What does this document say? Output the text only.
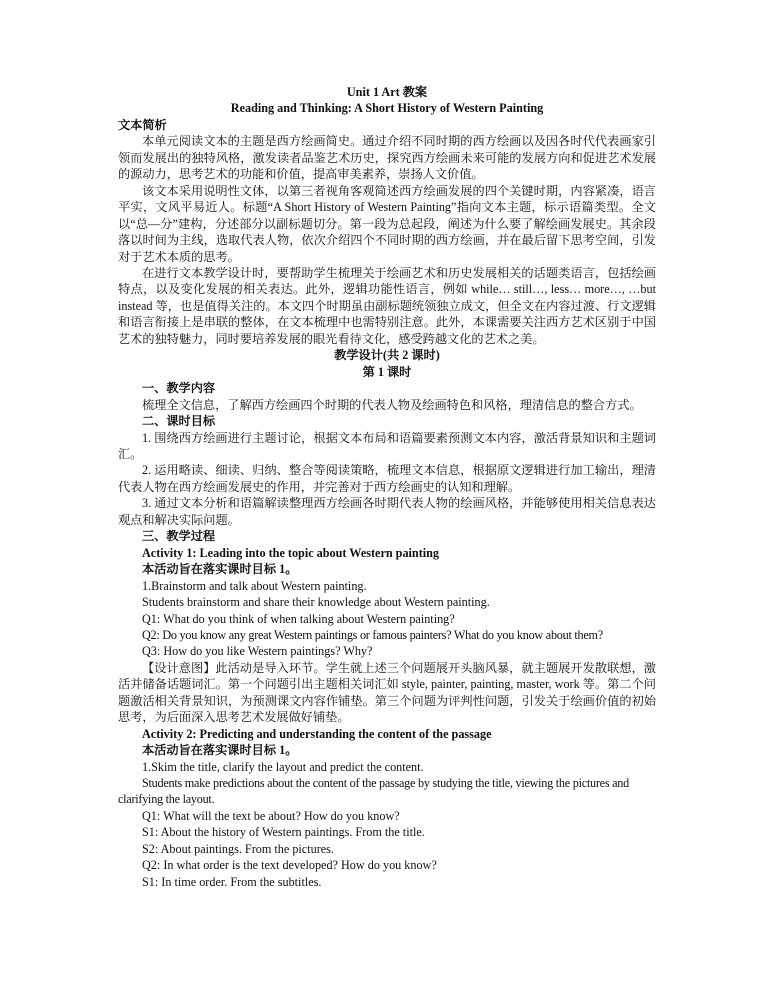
Unit 1 Art 教案

Reading and Thinking: A Short History of Western Painting

文本简析

本单元阅读文本的主题是西方绘画简史。通过介绍不同时期的西方绘画以及因各时代代表画家引领而发展出的独特风格，激发读者品鉴艺术历史，探究西方绘画未来可能的发展方向和促进艺术发展的源动力，思考艺术的功能和价值，提高审美素养，崇扬人文价值。

该文本采用说明性文体，以第三者视角客观简述西方绘画发展的四个关键时期，内容紧凑，语言平实，文风平易近人。标题“A Short History of Western Painting”指向文本主题，标示语篇类型。全文以“总—分”建构，分述部分以副标题切分。第一段为总起段，阐述为什么要了解绘画发展史。其余段落以时间为主线，选取代表人物，依次介绍四个不同时期的西方绘画，并在最后留下思考空间，引发对于艺术本质的思考。

在进行文本教学设计时，要帮助学生梳理关于绘画艺术和历史发展相关的话题类语言，包括绘画特点，以及变化发展的相关表达。此外，逻辑功能性语言，例如 while… still…, less… more…, …but instead 等，也是值得关注的。本文四个时期虽由副标题统领独立成文，但全文在内容过渡、行文逻辑和语言衔接上是串联的整体，在文本梳理中也需特别注意。此外，本课需要关注西方艺术区别于中国艺术的独特魅力，同时要培养发展的眼光看待文化，感受跨越文化的艺术之美。

教学设计(共 2 课时)

第 1 课时

一、教学内容

梳理全文信息，了解西方绘画四个时期的代表人物及绘画特色和风格，理清信息的整合方式。

二、课时目标

1. 围绕西方绘画进行主题讨论，根据文本布局和语篇要素预测文本内容，激活背景知识和主题词汇。

2. 运用略读、细读、归纳、整合等阅读策略，梳理文本信息，根据原文逻辑进行加工输出，理清代表人物在西方绘画发展史的作用，并完善对于西方绘画史的认知和理解。

3. 通过文本分析和语篇解读整理西方绘画各时期代表人物的绘画风格，并能够使用相关信息表达观点和解决实际问题。

三、教学过程

Activity 1: Leading into the topic about Western painting

本活动旨在落实课时目标 1。

1.Brainstorm and talk about Western painting.

Students brainstorm and share their knowledge about Western painting.

Q1: What do you think of when talking about Western painting?

Q2: Do you know any great Western paintings or famous painters? What do you know about them?

Q3: How do you like Western paintings? Why?

【设计意图】此活动是导入环节。学生就上述三个问题展开头脑风暴，就主题展开发散联想，激活并储备话题词汇。第一个问题引出主题相关词汇如 style, painter, painting, master, work 等。第二个问题激活相关背景知识，为预测课文内容作铺垫。第三个问题为评判性问题，引发关于绘画价值的初始思考，为后面深入思考艺术发展做好铺垫。

Activity 2: Predicting and understanding the content of the passage

本活动旨在落实课时目标 1。

1.Skim the title, clarify the layout and predict the content.

Students make predictions about the content of the passage by studying the title, viewing the pictures and clarifying the layout.

Q1: What will the text be about? How do you know?

S1: About the history of Western paintings. From the title.

S2: About paintings. From the pictures.

Q2: In what order is the text developed? How do you know?

S1: In time order. From the subtitles.
